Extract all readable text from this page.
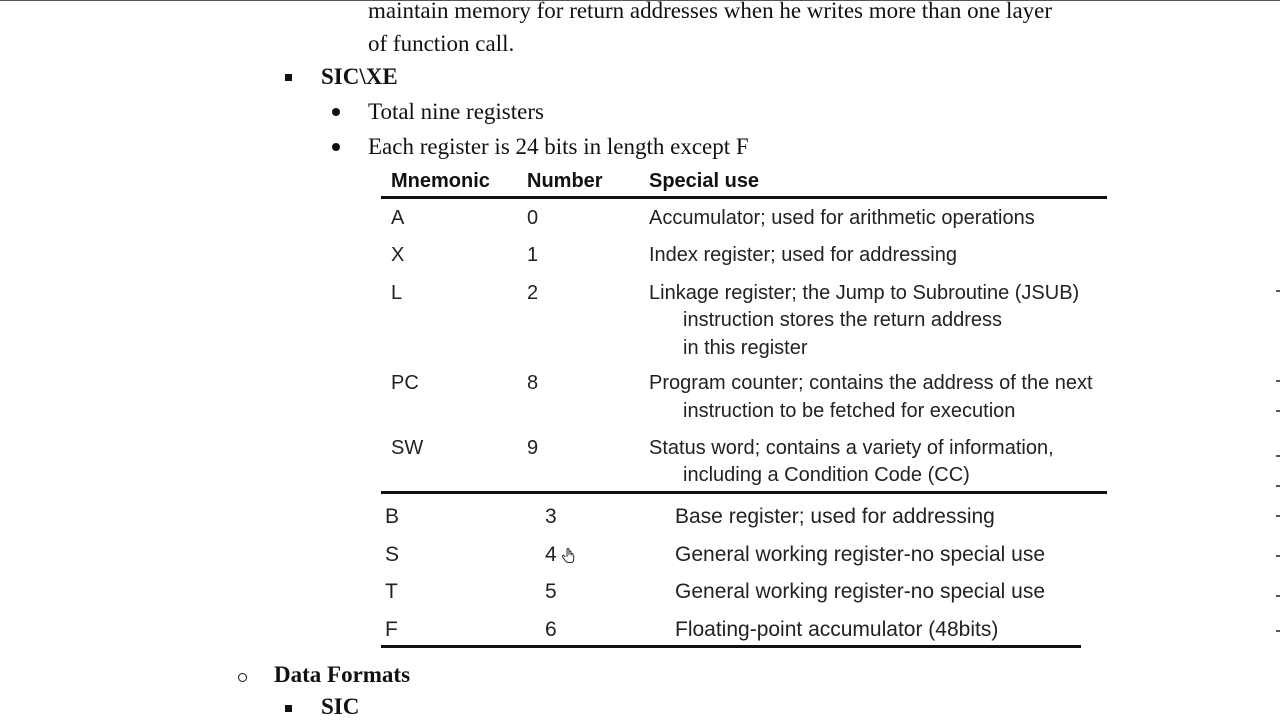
maintain memory for return addresses when he writes more than one layer
of function call.
SIC\XE
Total nine registers
Each register is 24 bits in length except F
Mnemonic Number Special use
A	0	Accumulator; used for arithmetic operations
X	1	Index register; used for addressing
L	2	Linkage register; the Jump to Subroutine (JSUB)
instruction stores the return address
in this register
PC	8	Program counter; contains the address of the next
instruction to be fetched for execution
SW	9	Status word; contains a variety of information,
including a Condition Code (CC)
B	3	Base register; used for addressing
S	4	General working register-no special use
T	5	General working register-no special use
F	6	Floating-point accumulator (48bits)
Data Formats
SIC
